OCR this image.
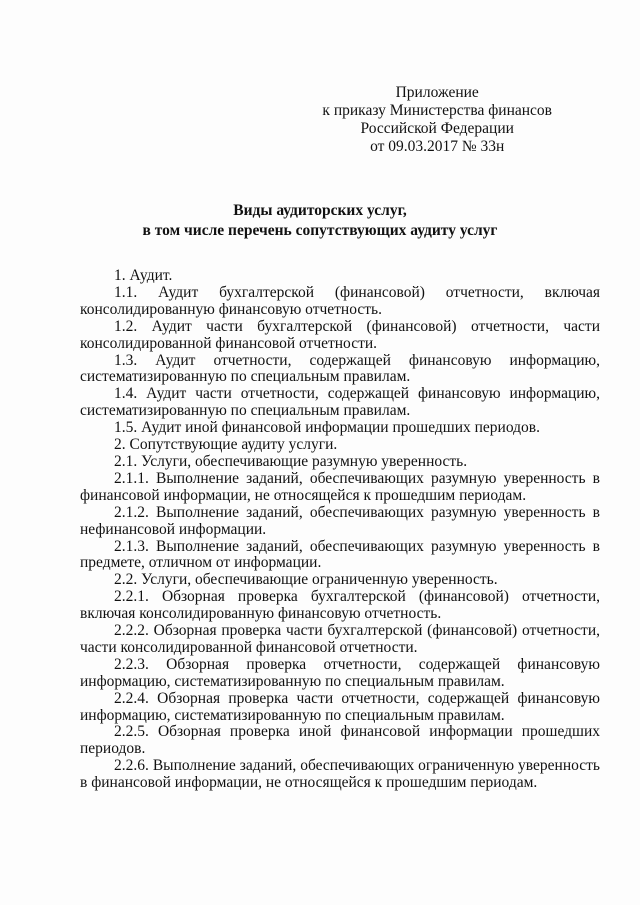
Приложение
к приказу Министерства финансов
Российской Федерации
от 09.03.2017 № 33н
Виды аудиторских услуг,
в том числе перечень сопутствующих аудиту услуг

1. Аудит.

1.1. Аудит бухгалтерской (финансовой) отчетности, включая консолидированную финансовую отчетность.

1.2. Аудит части бухгалтерской (финансовой) отчетности, части консолидированной финансовой отчетности.

1.3. Аудит отчетности, содержащей финансовую информацию, систематизированную по специальным правилам.

1.4. Аудит части отчетности, содержащей финансовую информацию, систематизированную по специальным правилам.

1.5. Аудит иной финансовой информации прошедших периодов.

2. Сопутствующие аудиту услуги.

2.1. Услуги, обеспечивающие разумную уверенность.

2.1.1. Выполнение заданий, обеспечивающих разумную уверенность в финансовой информации, не относящейся к прошедшим периодам.

2.1.2. Выполнение заданий, обеспечивающих разумную уверенность в нефинансовой информации.

2.1.3. Выполнение заданий, обеспечивающих разумную уверенность в предмете, отличном от информации.

2.2. Услуги, обеспечивающие ограниченную уверенность.

2.2.1. Обзорная проверка бухгалтерской (финансовой) отчетности, включая консолидированную финансовую отчетность.

2.2.2. Обзорная проверка части бухгалтерской (финансовой) отчетности, части консолидированной финансовой отчетности.

2.2.3. Обзорная проверка отчетности, содержащей финансовую информацию, систематизированную по специальным правилам.

2.2.4. Обзорная проверка части отчетности, содержащей финансовую информацию, систематизированную по специальным правилам.

2.2.5. Обзорная проверка иной финансовой информации прошедших периодов.

2.2.6. Выполнение заданий, обеспечивающих ограниченную уверенность в финансовой информации, не относящейся к прошедшим периодам.
